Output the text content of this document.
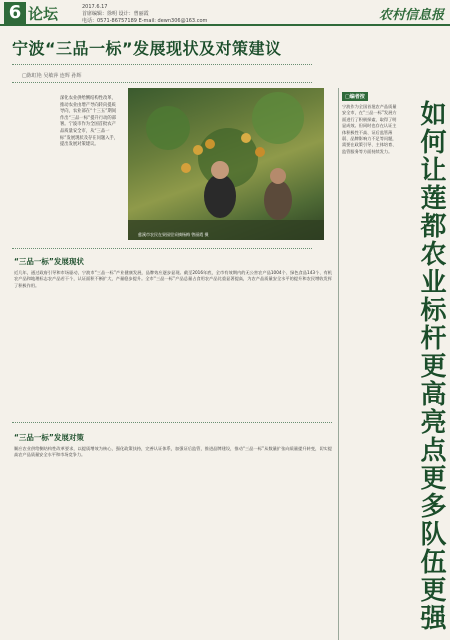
6 论坛	2017.6.17
首席编辑：徐明 设计：曾丽霞
电话：0571-86757189 E-mail: dewn306@163.com	农村信息报
宁波“三品一标”发展现状及对策建议
□陈虹艳 吴敏萍 连辉 孙辉
深化农业供给侧结构性改革，推动农业由增产导向转向提质导向，农业部在“十三五”期间作出“三品一标”提升行动的部署。宁波市作为全国首批农产品质量安全市，从“三品一标”发展现状及存在问题入手，提出发展对策建议。
慈溪市农民在果园里采摘杨梅 曾丽霞 摄
“三品一标”发展现状
近几年，通过政府引导和市场驱动，宁波市“三品一标”产业健康发展，品牌效应逐步显现。截至2016年底，全市有效期内的无公害农产品1004个、绿色食品143个、有机农产品和地理标志农产品若干个，认证面积不断扩大，产量稳步提升。全市“三品一标”产品总量占食用农产品比重显著提高，为农产品质量安全水平的提升和农民增收发挥了积极作用。
“三品一标”发展对策
顺应农业供给侧结构性改革要求，以提质增效为核心，强化政策扶持，完善认证体系，加强证后监管，推进品牌建设，推动“三品一标”从数量扩张向质量提升转变，切实提高农产品质量安全水平和市场竞争力。
□编者按
宁波作为全国首批农产品质量安全市，在“三品一标”发展方面进行了积极探索，取得了明显成效。但同时也存在认证主体积极性不高、证后监管薄弱、品牌影响力不足等问题，需要在政策引导、主体培育、监管服务等方面持续发力。 如何让莲都农业标杆更高亮点更多队伍更强
